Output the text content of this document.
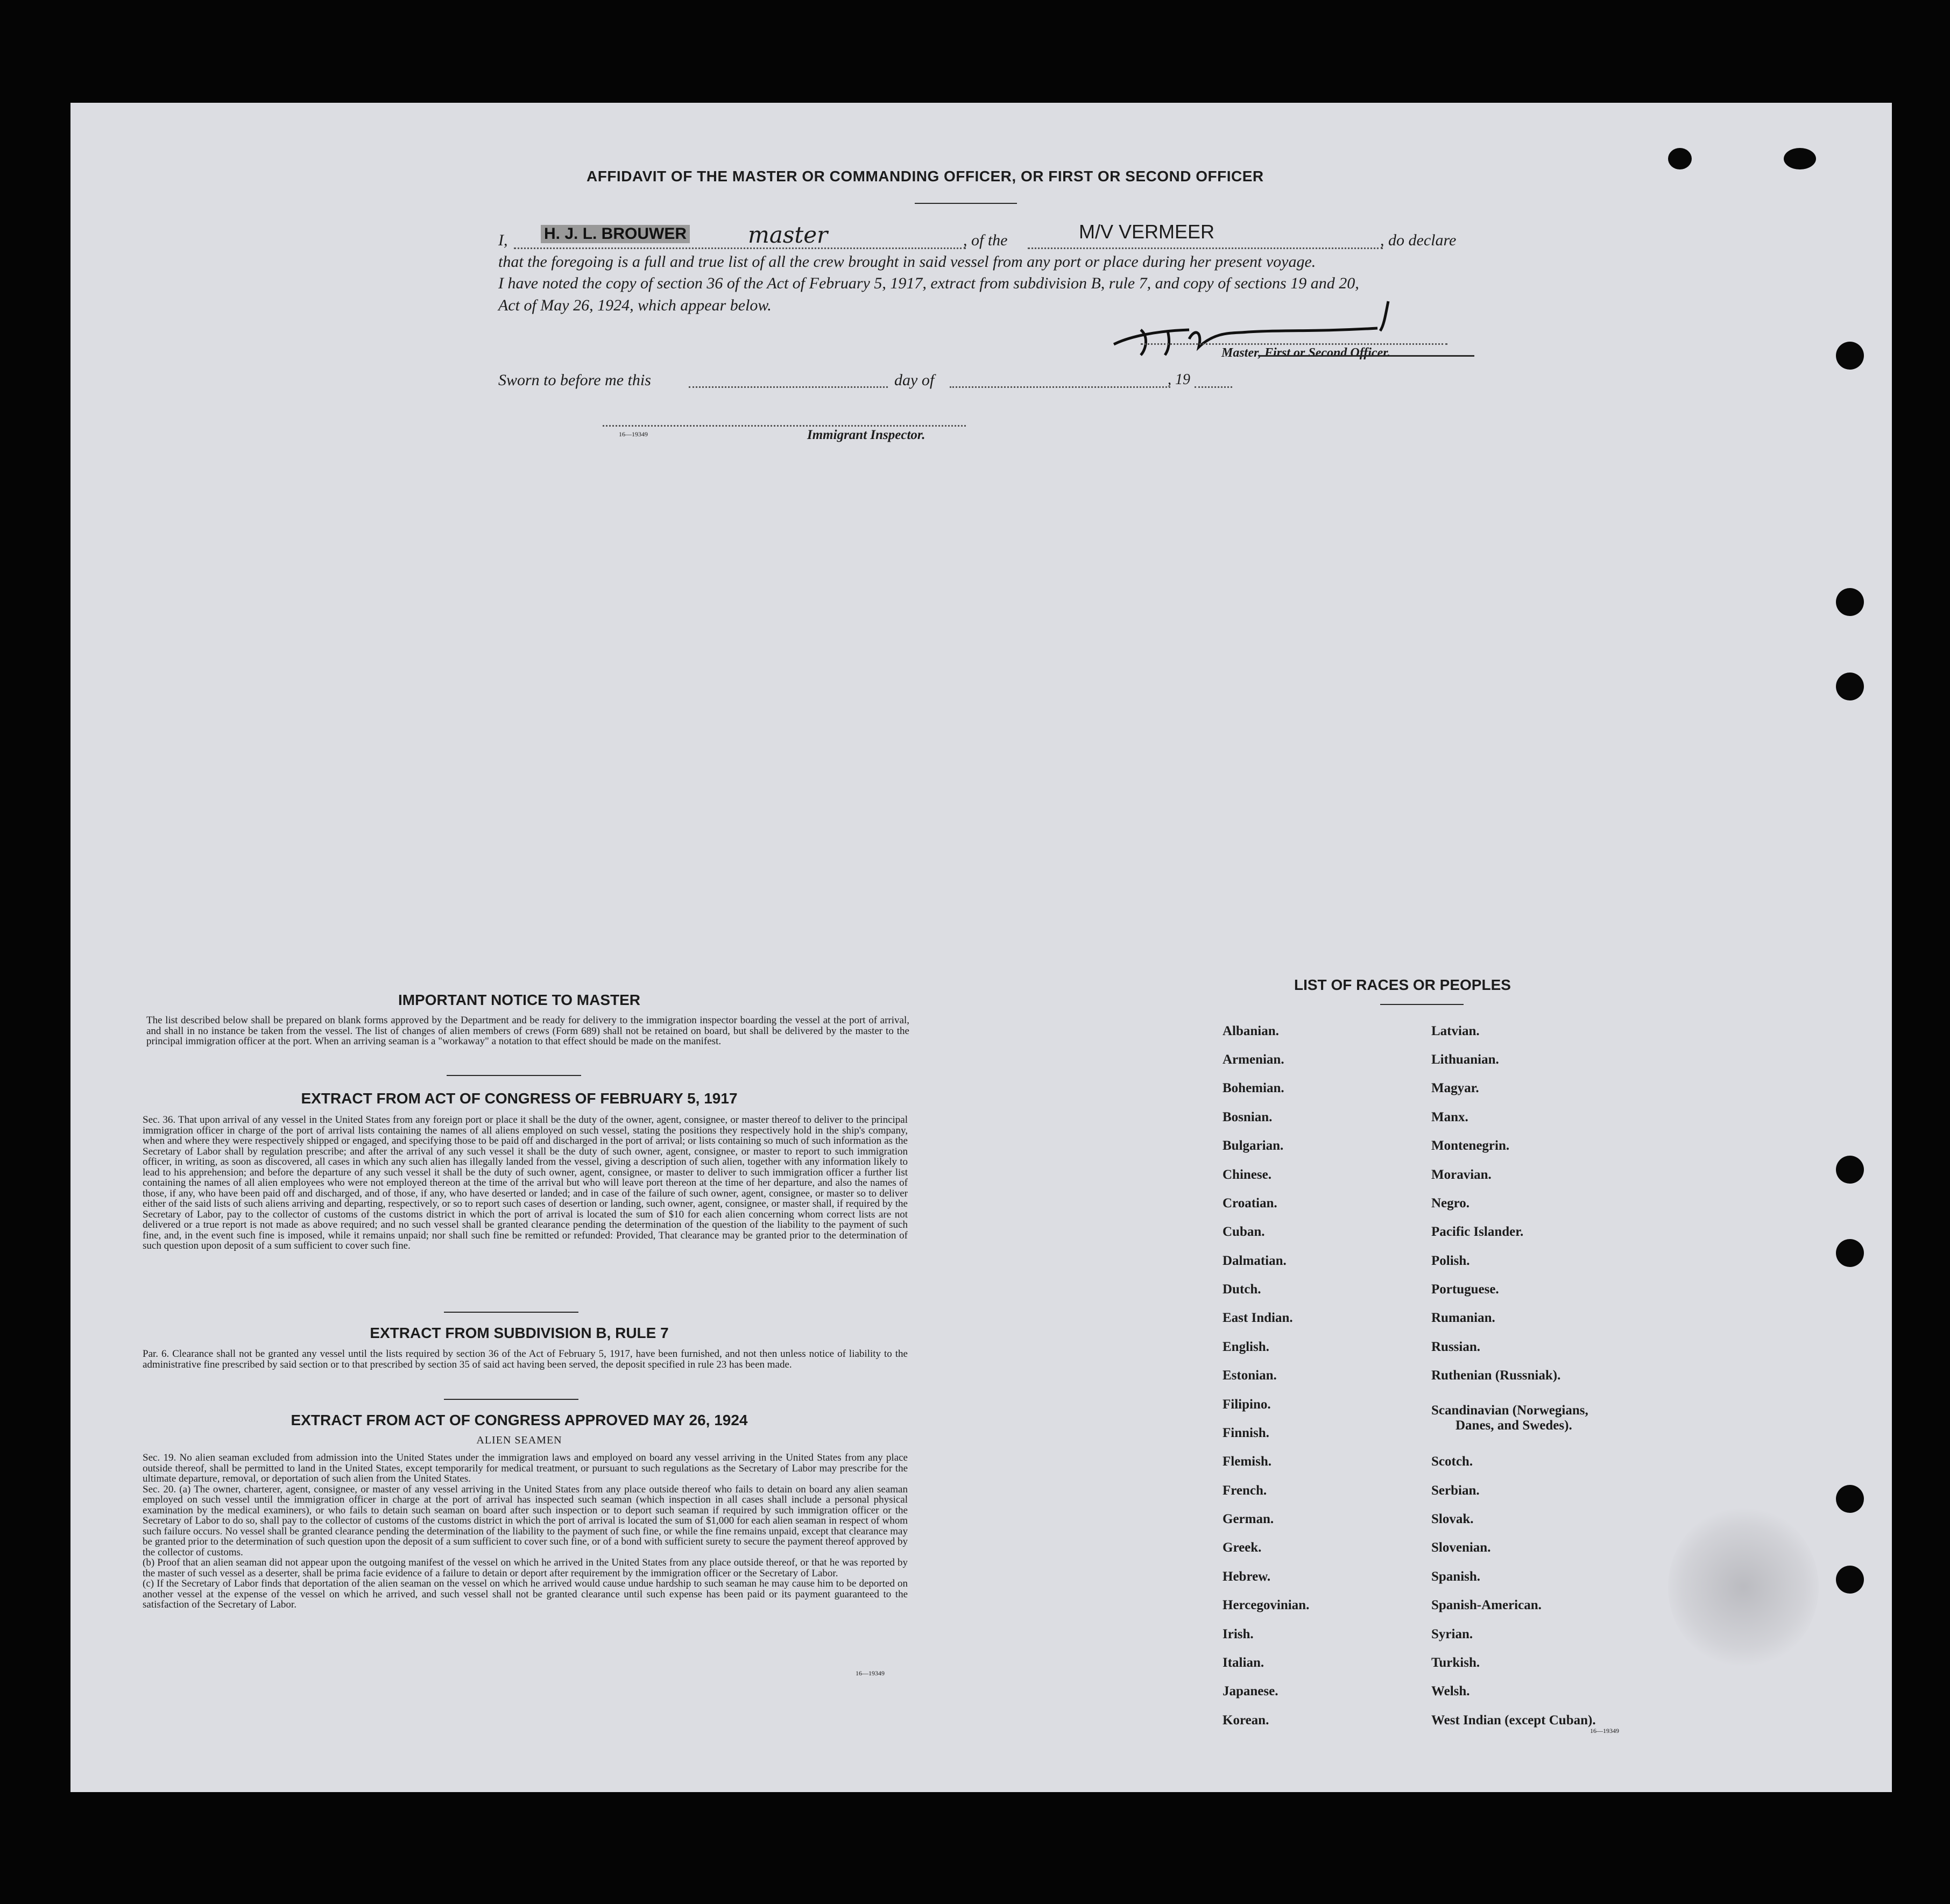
AFFIDAVIT OF THE MASTER OR COMMANDING OFFICER, OR FIRST OR SECOND OFFICER
I, H. J. L. BROUWER	master	, of the	M/V VERMEER	, do declare
that the foregoing is a full and true list of all the crew brought in said vessel from any port or place during her present voyage.
I have noted the copy of section 36 of the Act of February 5, 1917, extract from subdivision B, rule 7, and copy of sections 19 and 20,
Act of May 26, 1924, which appear below.
Master, First or Second Officer.
Sworn to before me this	day of	, 19
16—19349	Immigrant Inspector.
IMPORTANT NOTICE TO MASTER
The list described below shall be prepared on blank forms approved by the Department and be ready for delivery to the immigration inspector boarding the vessel at the port of arrival, and shall in no instance be taken from the vessel. The list of changes of alien members of crews (Form 689) shall not be retained on board, but shall be delivered by the master to the principal immigration officer at the port. When an arriving seaman is a "workaway" a notation to that effect should be made on the manifest.
EXTRACT FROM ACT OF CONGRESS OF FEBRUARY 5, 1917
Sec. 36. That upon arrival of any vessel in the United States from any foreign port or place it shall be the duty of the owner, agent, consignee, or master thereof to deliver to the principal immigration officer in charge of the port of arrival lists containing the names of all aliens employed on such vessel, stating the positions they respectively hold in the ship's company, when and where they were respectively shipped or engaged, and specifying those to be paid off and discharged in the port of arrival; or lists containing so much of such information as the Secretary of Labor shall by regulation prescribe; and after the arrival of any such vessel it shall be the duty of such owner, agent, consignee, or master to report to such immigration officer, in writing, as soon as discovered, all cases in which any such alien has illegally landed from the vessel, giving a description of such alien, together with any information likely to lead to his apprehension; and before the departure of any such vessel it shall be the duty of such owner, agent, consignee, or master to deliver to such immigration officer a further list containing the names of all alien employees who were not employed thereon at the time of the arrival but who will leave port thereon at the time of her departure, and also the names of those, if any, who have been paid off and discharged, and of those, if any, who have deserted or landed; and in case of the failure of such owner, agent, consignee, or master so to deliver either of the said lists of such aliens arriving and departing, respectively, or so to report such cases of desertion or landing, such owner, agent, consignee, or master shall, if required by the Secretary of Labor, pay to the collector of customs of the customs district in which the port of arrival is located the sum of $10 for each alien concerning whom correct lists are not delivered or a true report is not made as above required; and no such vessel shall be granted clearance pending the determination of the question of the liability to the payment of such fine, and, in the event such fine is imposed, while it remains unpaid; nor shall such fine be remitted or refunded: Provided, That clearance may be granted prior to the determination of such question upon deposit of a sum sufficient to cover such fine.
EXTRACT FROM SUBDIVISION B, RULE 7
Par. 6. Clearance shall not be granted any vessel until the lists required by section 36 of the Act of February 5, 1917, have been furnished, and not then unless notice of liability to the administrative fine prescribed by said section or to that prescribed by section 35 of said act having been served, the deposit specified in rule 23 has been made.
EXTRACT FROM ACT OF CONGRESS APPROVED MAY 26, 1924
ALIEN SEAMEN
Sec. 19. No alien seaman excluded from admission into the United States under the immigration laws and employed on board any vessel arriving in the United States from any place outside thereof, shall be permitted to land in the United States, except temporarily for medical treatment, or pursuant to such regulations as the Secretary of Labor may prescribe for the ultimate departure, removal, or deportation of such alien from the United States.
Sec. 20. (a) The owner, charterer, agent, consignee, or master of any vessel arriving in the United States from any place outside thereof who fails to detain on board any alien seaman employed on such vessel until the immigration officer in charge at the port of arrival has inspected such seaman (which inspection in all cases shall include a personal physical examination by the medical examiners), or who fails to detain such seaman on board after such inspection or to deport such seaman if required by such immigration officer or the Secretary of Labor to do so, shall pay to the collector of customs of the customs district in which the port of arrival is located the sum of $1,000 for each alien seaman in respect of whom such failure occurs. No vessel shall be granted clearance pending the determination of the liability to the payment of such fine, or while the fine remains unpaid, except that clearance may be granted prior to the determination of such question upon the deposit of a sum sufficient to cover such fine, or of a bond with sufficient surety to secure the payment thereof approved by the collector of customs.
(b) Proof that an alien seaman did not appear upon the outgoing manifest of the vessel on which he arrived in the United States from any place outside thereof, or that he was reported by the master of such vessel as a deserter, shall be prima facie evidence of a failure to detain or deport after requirement by the immigration officer or the Secretary of Labor.
(c) If the Secretary of Labor finds that deportation of the alien seaman on the vessel on which he arrived would cause undue hardship to such seaman he may cause him to be deported on another vessel at the expense of the vessel on which he arrived, and such vessel shall not be granted clearance until such expense has been paid or its payment guaranteed to the satisfaction of the Secretary of Labor.
16—19349
LIST OF RACES OR PEOPLES
Albanian.
Armenian.
Bohemian.
Bosnian.
Bulgarian.
Chinese.
Croatian.
Cuban.
Dalmatian.
Dutch.
East Indian.
English.
Estonian.
Filipino.
Finnish.
Flemish.
French.
German.
Greek.
Hebrew.
Hercegovinian.
Irish.
Italian.
Japanese.
Korean.
Latvian.
Lithuanian.
Magyar.
Manx.
Montenegrin.
Moravian.
Negro.
Pacific Islander.
Polish.
Portuguese.
Rumanian.
Russian.
Ruthenian (Russniak).
Scandinavian (Norwegians,
Danes, and Swedes).
Scotch.
Serbian.
Slovak.
Slovenian.
Spanish.
Spanish-American.
Syrian.
Turkish.
Welsh.
West Indian (except Cuban).
16—19349
